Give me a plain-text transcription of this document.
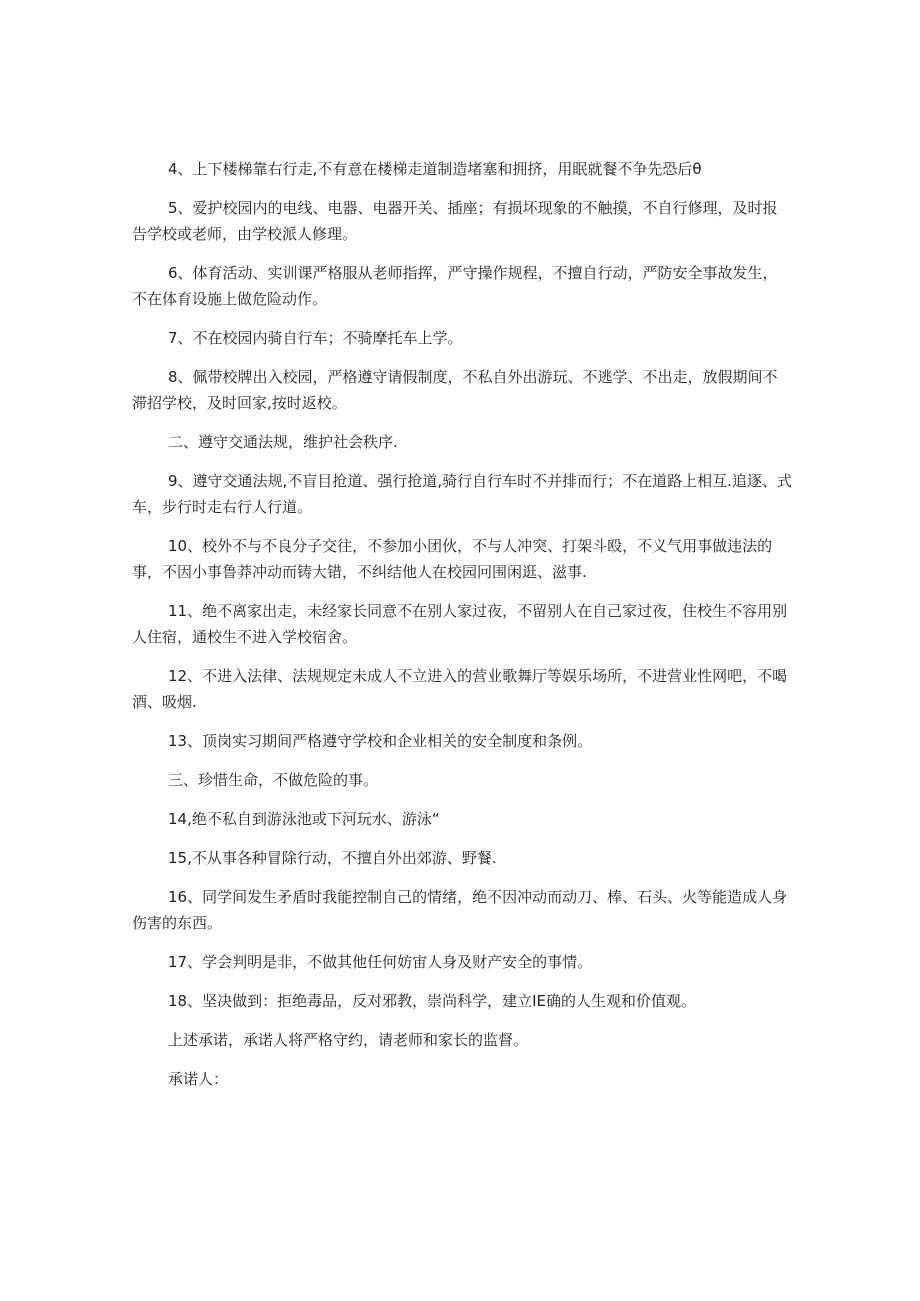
4、上下楼梯靠右行走,不有意在楼梯走道制造堵塞和拥挤，用眠就餐不争先恐后θ

5、爱护校园内的电线、电器、电器开关、插座；有损坏现象的不触摸，不自行修理，及时报告学校或老师，由学校派人修理。

6、体育活动、实训课严格服从老师指挥，严守操作规程，不擅自行动，严防安全事故发生，不在体育设施上做危险动作。

7、不在校园内骑自行车；不骑摩托车上学。

8、佩带校牌出入校园，严格遵守请假制度，不私自外出游玩、不逃学、不出走，放假期间不滞招学校，及时回家,按时返校。

二、遵守交通法规，维护社会秩序.

9、遵守交通法规,不盲目抢道、强行抢道,骑行自行车时不并排而行；不在道路上相互.追逐、式车，步行时走右行人行道。

10、校外不与不良分子交往，不参加小团伙，不与人冲突、打架斗殴，不义气用事做违法的事，不因小事鲁莽冲动而铸大错，不纠结他人在校园冋围闲逛、滋事.

11、绝不离家出走，未经家长同意不在别人家过夜，不留别人在自己家过夜，住校生不容用别人住宿，通校生不进入学校宿舍。

12、不进入法律、法规规定未成人不立进入的营业歌舞厅等娱乐场所，不进营业性网吧，不喝酒、吸烟.

13、顶岗实习期间严格遵守学校和企业相关的安全制度和条例。

三、珍惜生命，不做危险的事。

14,绝不私自到游泳池或下河玩水、游泳“

15,不从事各种冒除行动，不擅自外出郊游、野餐.

16、同学间发生矛盾时我能控制自己的情绪，绝不因冲动而动刀、棒、石头、火等能造成人身伤害的东西。

17、学会判明是非，不做其他任何妨宙人身及财产安全的事情。

18、坚决做到：拒绝毒品，反对邪教，崇尚科学，建立IE确的人生观和价值观。

上述承诺，承诺人将严格守约，请老师和家长的监督。

承诺人：
